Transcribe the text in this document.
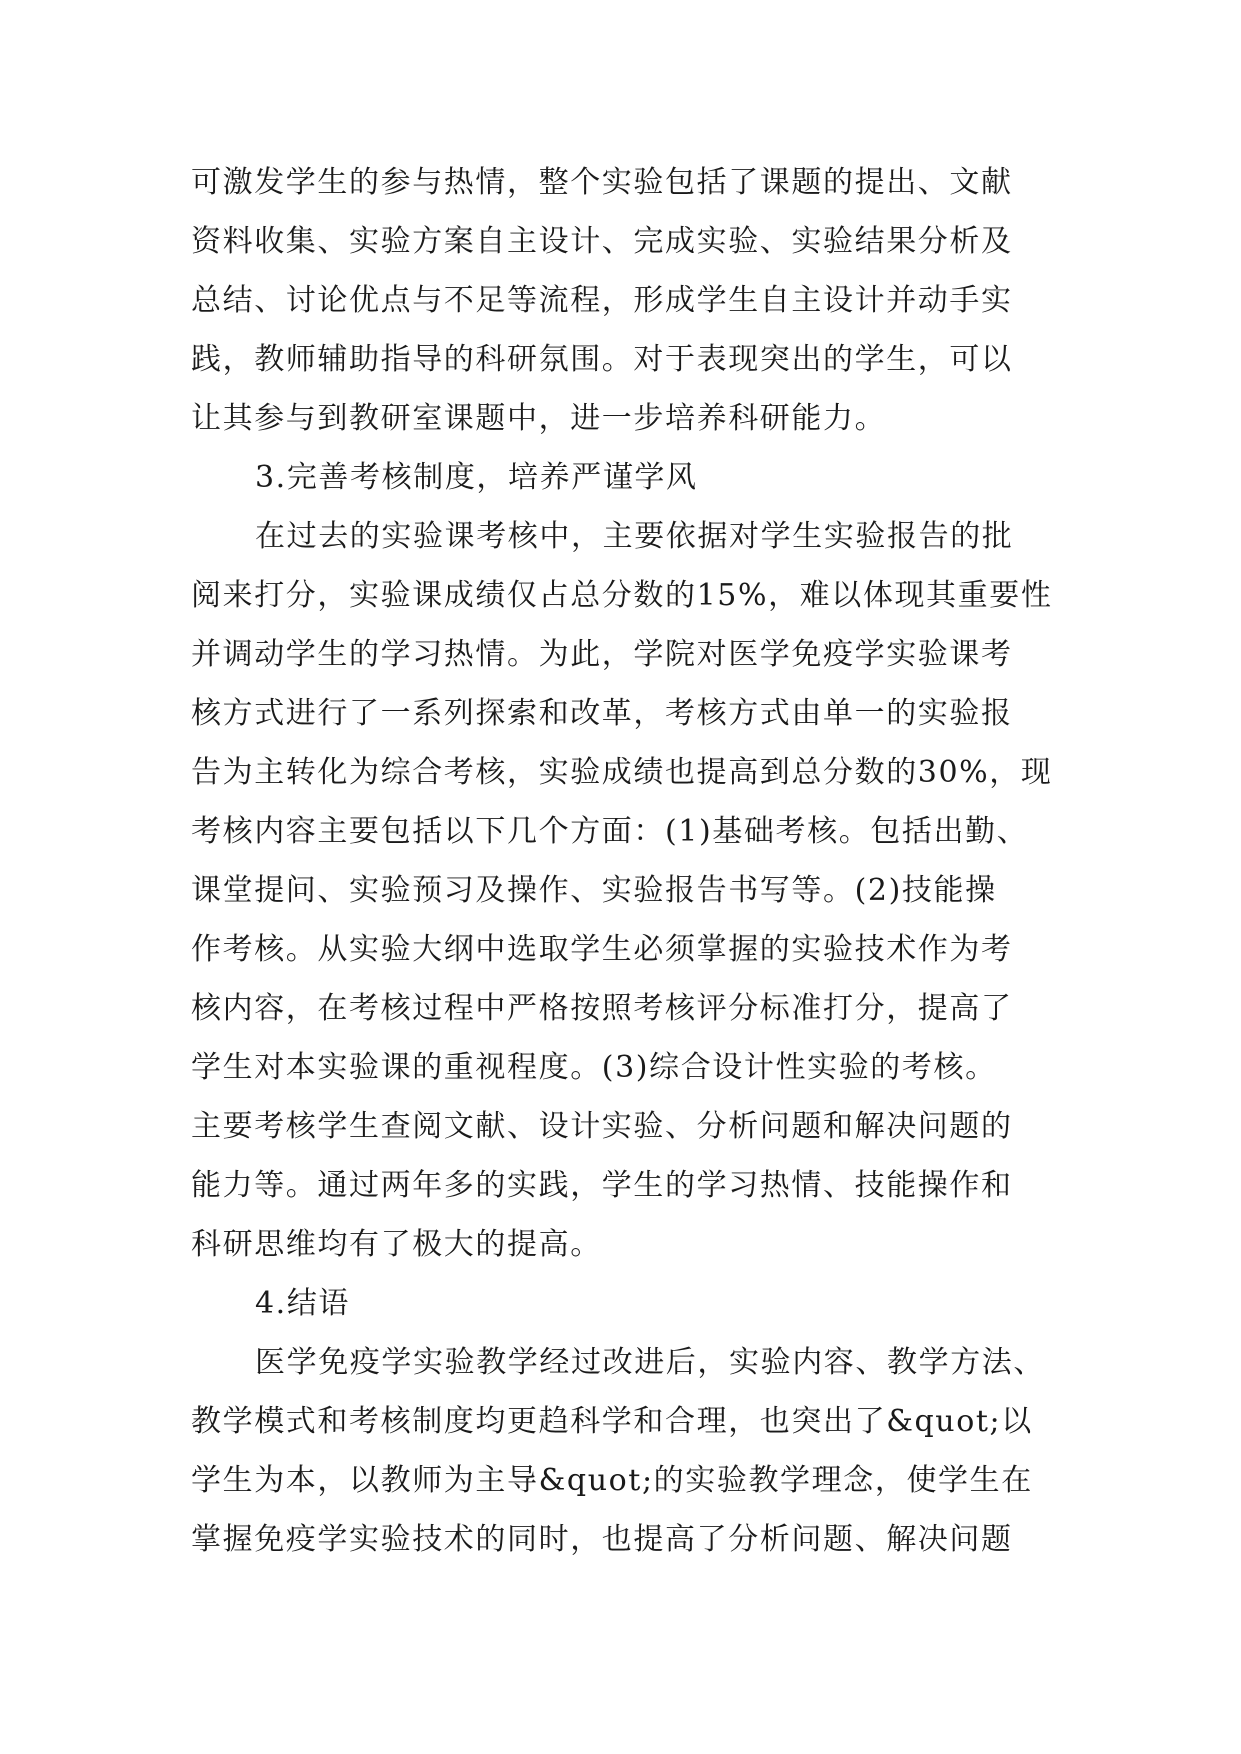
可激发学生的参与热情，整个实验包括了课题的提出、文献
资料收集、实验方案自主设计、完成实验、实验结果分析及
总结、讨论优点与不足等流程，形成学生自主设计并动手实
践，教师辅助指导的科研氛围。对于表现突出的学生，可以
让其参与到教研室课题中，进一步培养科研能力。
3.完善考核制度，培养严谨学风
在过去的实验课考核中，主要依据对学生实验报告的批
阅来打分，实验课成绩仅占总分数的15%，难以体现其重要性
并调动学生的学习热情。为此，学院对医学免疫学实验课考
核方式进行了一系列探索和改革，考核方式由单一的实验报
告为主转化为综合考核，实验成绩也提高到总分数的30%，现
考核内容主要包括以下几个方面：(1)基础考核。包括出勤、
课堂提问、实验预习及操作、实验报告书写等。(2)技能操
作考核。从实验大纲中选取学生必须掌握的实验技术作为考
核内容，在考核过程中严格按照考核评分标准打分，提高了
学生对本实验课的重视程度。(3)综合设计性实验的考核。
主要考核学生查阅文献、设计实验、分析问题和解决问题的
能力等。通过两年多的实践，学生的学习热情、技能操作和
科研思维均有了极大的提高。
4.结语
医学免疫学实验教学经过改进后，实验内容、教学方法、
教学模式和考核制度均更趋科学和合理，也突出了&quot;以
学生为本，以教师为主导&quot;的实验教学理念，使学生在
掌握免疫学实验技术的同时，也提高了分析问题、解决问题
